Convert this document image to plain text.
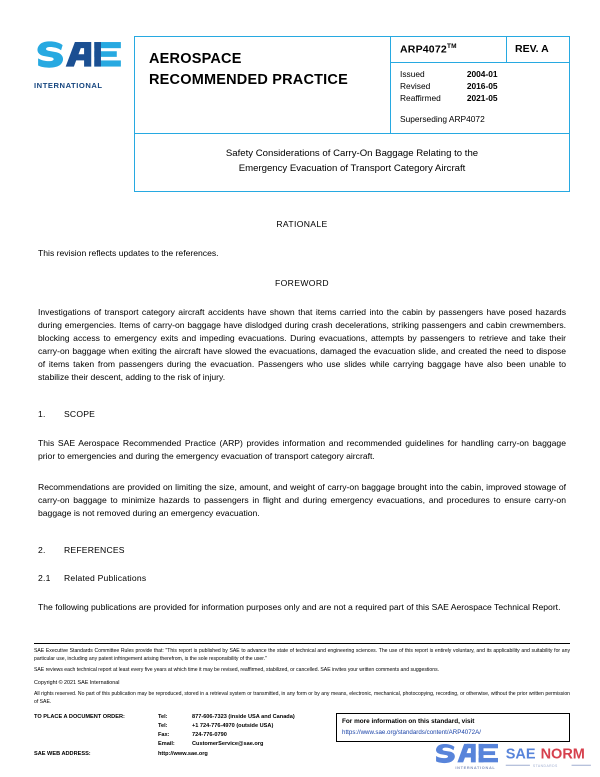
INTERNATIONAL
AEROSPACE
RECOMMENDED PRACTICE
ARP4072™	REV. A
Issued	2004-01
Revised	2016-05
Reaffirmed	2021-05
Superseding ARP4072
Safety Considerations of Carry-On Baggage Relating to the
Emergency Evacuation of Transport Category Aircraft

RATIONALE

This revision reflects updates to the references.

FOREWORD

Investigations of transport category aircraft accidents have shown that items carried into the cabin by passengers have posed hazards during emergencies. Items of carry-on baggage have dislodged during crash decelerations, striking passengers and cabin crewmembers. blocking access to emergency exits and impeding evacuations. During evacuations, attempts by passengers to retrieve and take their carry-on baggage when exiting the aircraft have slowed the evacuations, damaged the evacuation slide, and created the need to dispose of items taken from passengers during the evacuation. Passengers who use slides while carrying baggage have also been unable to stabilize their descent, adding to the risk of injury.

1. SCOPE

This SAE Aerospace Recommended Practice (ARP) provides information and recommended guidelines for handling carry-on baggage prior to emergencies and during the emergency evacuation of transport category aircraft.

Recommendations are provided on limiting the size, amount, and weight of carry-on baggage brought into the cabin, improved stowage of carry-on baggage to minimize hazards to passengers in flight and during emergency evacuations, and procedures to ensure carry-on baggage is not removed during an emergency evacuation.

2. REFERENCES

2.1 Related Publications

The following publications are provided for information purposes only and are not a required part of this SAE Aerospace Technical Report.

SAE Executive Standards Committee Rules provide that: "This report is published by SAE to advance the state of technical and engineering sciences. The use of this report is entirely voluntary, and its applicability and suitability for any particular use, including any patent infringement arising therefrom, is the sole responsibility of the user."

SAE reviews each technical report at least every five years at which time it may be revised, reaffirmed, stabilized, or cancelled. SAE invites your written comments and suggestions.

Copyright © 2021 SAE International

All rights reserved. No part of this publication may be reproduced, stored in a retrieval system or transmitted, in any form or by any means, electronic, mechanical, photocopying, recording, or otherwise, without the prior written permission of SAE.

TO PLACE A DOCUMENT ORDER:	Tel:	877-606-7323 (inside USA and Canada)
Tel:	+1 724-776-4970 (outside USA)
Fax:	724-776-0790
Email:	CustomerService@sae.org
SAE WEB ADDRESS:	http://www.sae.org
For more information on this standard, visit
https://www.sae.org/standards/content/ARP4072A/
INTERNATIONAL
SAE NORM
STANDARDS
